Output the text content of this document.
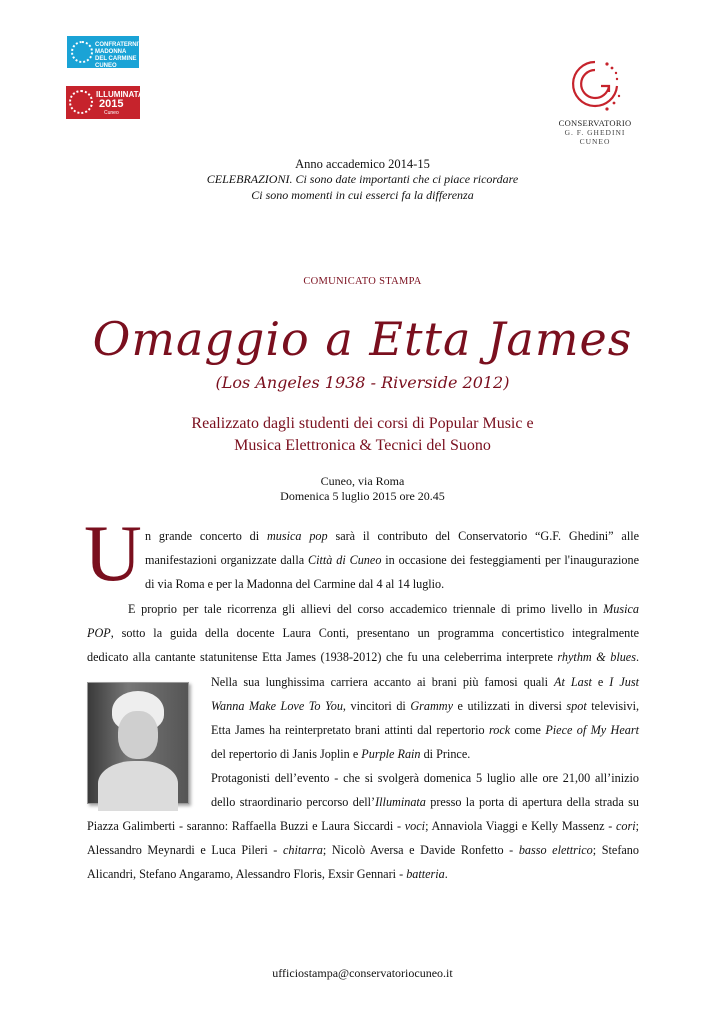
CONFRATERNITA MADONNA DEL CARMINE CUNEO
ILLUMINATA
2015
Cuneo
CONSERVATORIO
G. F. GHEDINI
CUNEO
Anno accademico 2014-15
CELEBRAZIONI. Ci sono date importanti che ci piace ricordare
Ci sono momenti in cui esserci fa la differenza
COMUNICATO STAMPA
Omaggio a Etta James
(Los Angeles 1938 - Riverside 2012)
Realizzato dagli studenti dei corsi di Popular Music e
Musica Elettronica & Tecnici del Suono
Cuneo, via Roma
Domenica 5 luglio 2015 ore 20.45
U n grande concerto di musica pop sarà il contributo del Conservatorio “G.F. Ghedini” alle
manifestazioni organizzate dalla Città di Cuneo in occasione dei festeggiamenti per l'inaugurazione
di via Roma e per la Madonna del Carmine dal 4 al 14 luglio.
E proprio per tale ricorrenza gli allievi del corso accademico triennale di primo livello in Musica
POP, sotto la guida della docente Laura Conti, presentano un programma concertistico integralmente
dedicato alla cantante statunitense Etta James (1938-2012) che fu una celeberrima interprete rhythm & blues.
Nella sua lunghissima carriera accanto ai brani più famosi quali At Last e I Just
Wanna Make Love To You, vincitori di Grammy e utilizzati in diversi spot televisivi,
Etta James ha reinterpretato brani attinti dal repertorio rock come Piece of My Heart
del repertorio di Janis Joplin e Purple Rain di Prince.
Protagonisti dell’evento - che si svolgerà domenica 5 luglio alle ore 21,00 all’inizio
dello straordinario percorso dell’Illuminata presso la porta di apertura della strada su
Piazza Galimberti - saranno: Raffaella Buzzi e Laura Siccardi - voci; Annaviola Viaggi e Kelly Massenz - cori;
Alessandro Meynardi e Luca Pileri - chitarra; Nicolò Aversa e Davide Ronfetto - basso elettrico; Stefano
Alicandri, Stefano Angaramo, Alessandro Floris, Exsir Gennari - batteria.
ufficiostampa@conservatoriocuneo.it
